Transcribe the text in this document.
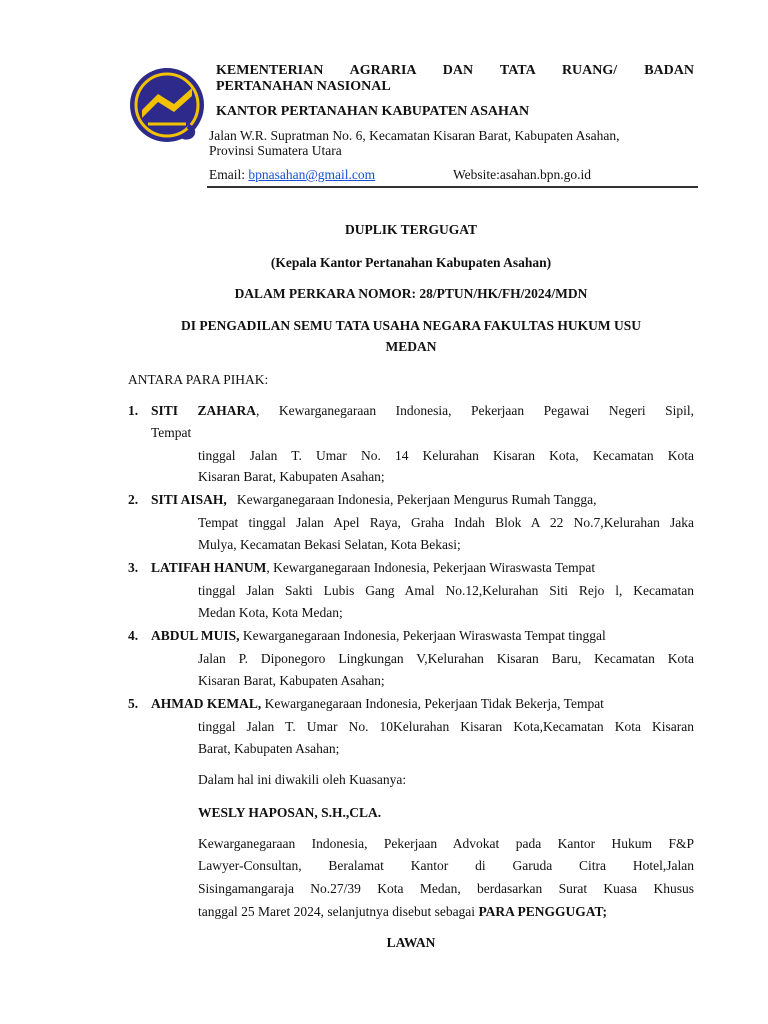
KEMENTERIAN AGRARIA DAN TATA RUANG/ BADAN
PERTANAHAN NASIONAL
KANTOR PERTANAHAN KABUPATEN ASAHAN
Jalan W.R. Supratman No. 6, Kecamatan Kisaran Barat, Kabupaten Asahan,
Provinsi Sumatera Utara
Email: bpnasahan@gmail.com	Website:asahan.bpn.go.id
DUPLIK TERGUGAT
(Kepala Kantor Pertanahan Kabupaten Asahan)
DALAM PERKARA NOMOR: 28/PTUN/HK/FH/2024/MDN
DI PENGADILAN SEMU TATA USAHA NEGARA FAKULTAS HUKUM USU
MEDAN
ANTARA PARA PIHAK:
1. SITI ZAHARA, Kewarganegaraan Indonesia, Pekerjaan Pegawai Negeri Sipil,
Tempat
tinggal Jalan T. Umar No. 14 Kelurahan Kisaran Kota, Kecamatan Kota
Kisaran Barat, Kabupaten Asahan;
2. SITI AISAH,   Kewarganegaraan Indonesia, Pekerjaan Mengurus Rumah Tangga,
Tempat tinggal Jalan Apel Raya, Graha Indah Blok A 22 No.7,Kelurahan Jaka
Mulya, Kecamatan Bekasi Selatan, Kota Bekasi;
3. LATIFAH HANUM, Kewarganegaraan Indonesia, Pekerjaan Wiraswasta Tempat
tinggal Jalan Sakti Lubis Gang Amal No.12,Kelurahan Siti Rejo l, Kecamatan
Medan Kota, Kota Medan;
4. ABDUL MUIS, Kewarganegaraan Indonesia, Pekerjaan Wiraswasta Tempat tinggal
Jalan P. Diponegoro Lingkungan V,Kelurahan Kisaran Baru, Kecamatan Kota
Kisaran Barat, Kabupaten Asahan;
5. AHMAD KEMAL, Kewarganegaraan Indonesia, Pekerjaan Tidak Bekerja, Tempat
tinggal Jalan T. Umar No. 10Kelurahan Kisaran Kota,Kecamatan Kota Kisaran
Barat, Kabupaten Asahan;
Dalam hal ini diwakili oleh Kuasanya:
WESLY HAPOSAN, S.H.,CLA.
Kewarganegaraan Indonesia, Pekerjaan Advokat pada Kantor Hukum F&P
Lawyer-Consultan, Beralamat Kantor di Garuda Citra Hotel,Jalan
Sisingamangaraja No.27/39 Kota Medan, berdasarkan Surat Kuasa Khusus
tanggal 25 Maret 2024, selanjutnya disebut sebagai PARA PENGGUGAT;
LAWAN
